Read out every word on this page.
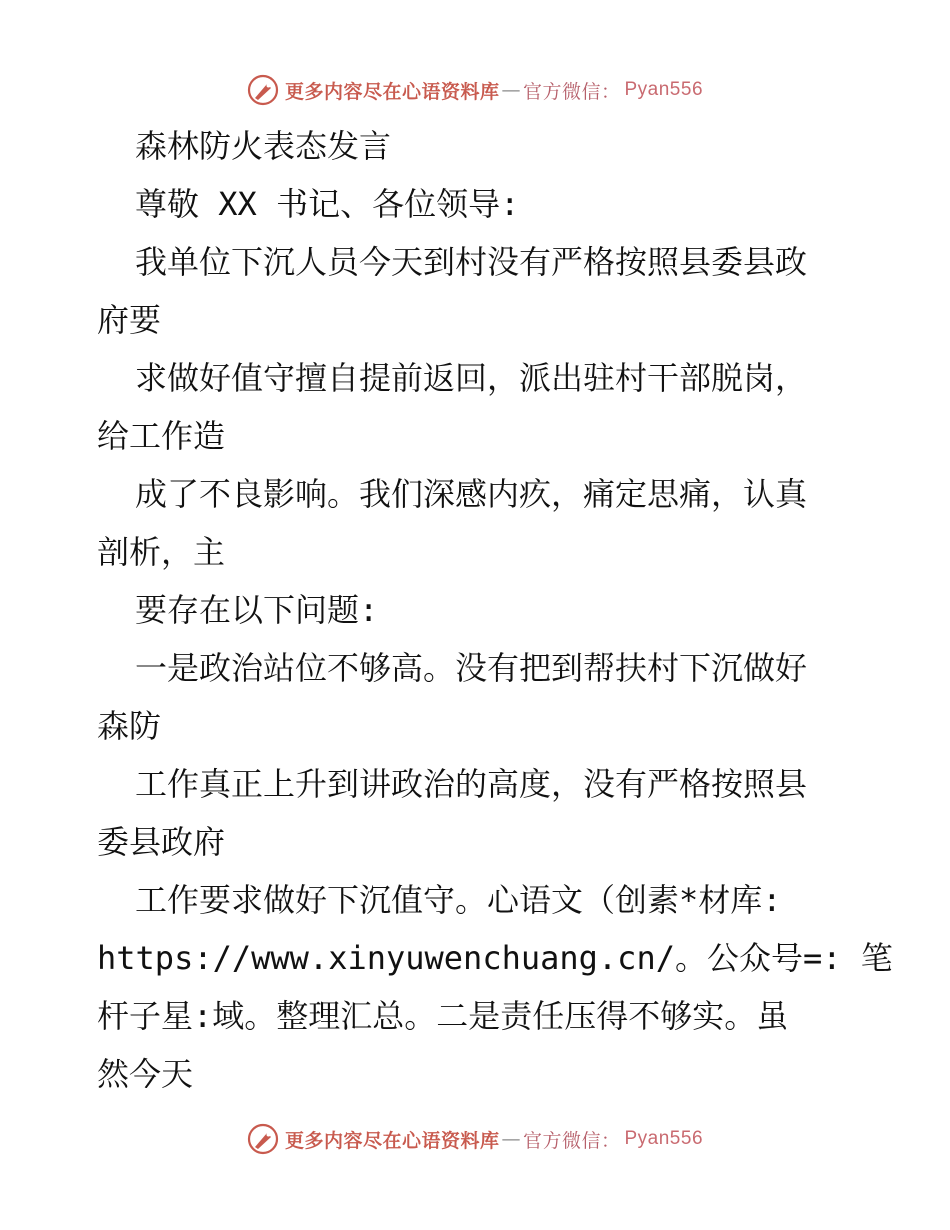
更多内容尽在心语资料库 — 官方微信： Pyan556
森林防火表态发言
尊敬 XX 书记、各位领导:
我单位下沉人员今天到村没有严格按照县委县政
府要
求做好值守擅自提前返回，派出驻村干部脱岗，
给工作造
成了不良影响。我们深感内疚，痛定思痛，认真
剖析，主
要存在以下问题:
一是政治站位不够高。没有把到帮扶村下沉做好
森防
工作真正上升到讲政治的高度，没有严格按照县
委县政府
工作要求做好下沉值守。心语文（创素*材库:
https://www.xinyuwenchuang.cn/。公众号=: 笔
杆子星:域。整理汇总。二是责任压得不够实。虽
然今天
更多内容尽在心语资料库 — 官方微信： Pyan556
